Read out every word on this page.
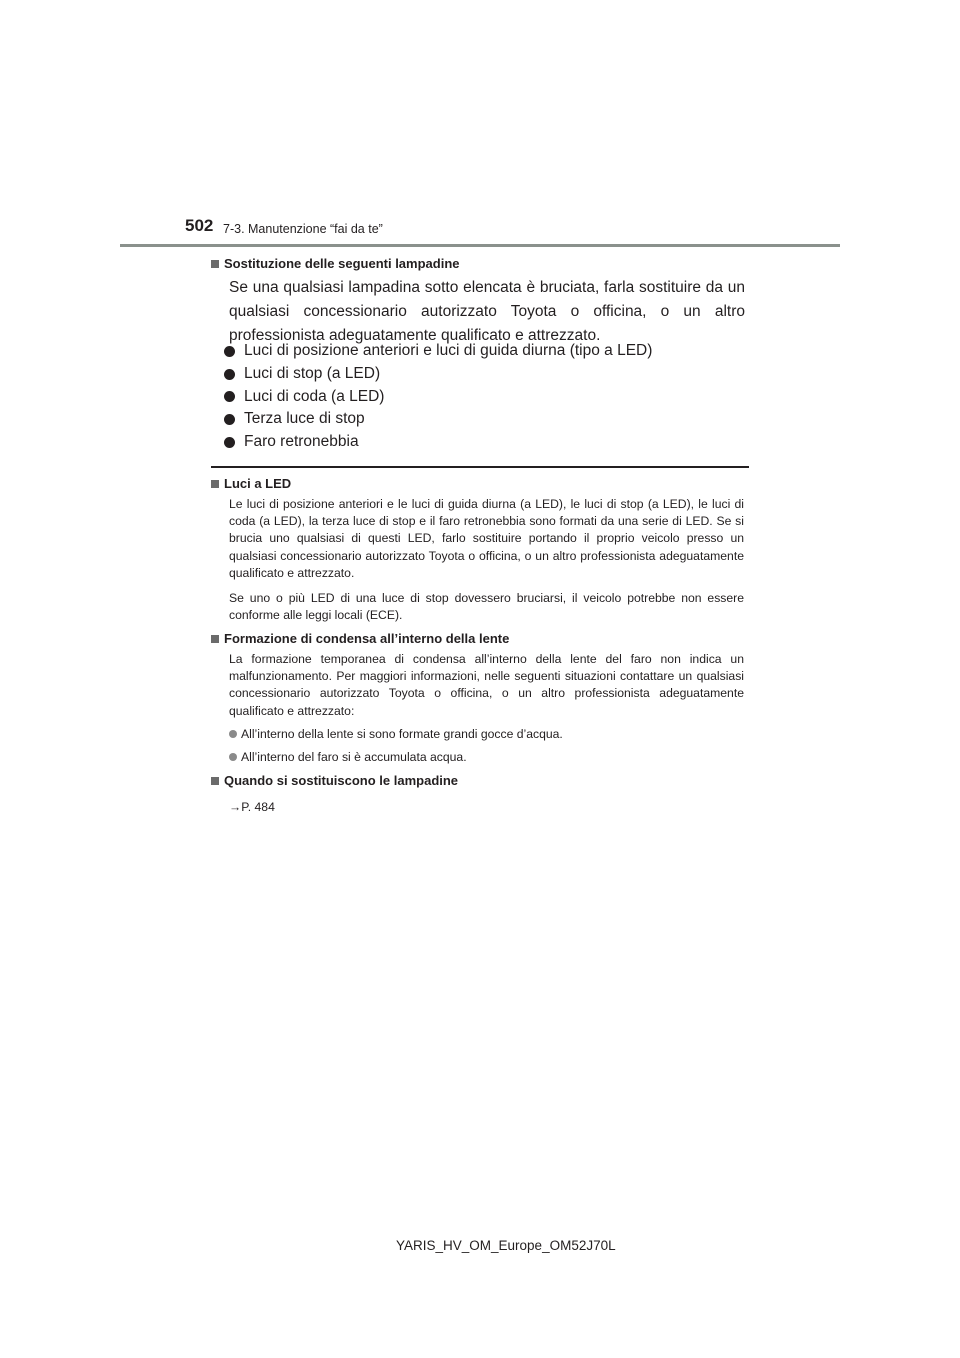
502 7-3. Manutenzione “fai da te”
Sostituzione delle seguenti lampadine

Se una qualsiasi lampadina sotto elencata è bruciata, farla sostituire da un qualsiasi concessionario autorizzato Toyota o officina, o un altro professionista adeguatamente qualificato e attrezzato.

Luci di posizione anteriori e luci di guida diurna (tipo a LED)
Luci di stop (a LED)
Luci di coda (a LED)
Terza luce di stop
Faro retronebbia
Luci a LED

Le luci di posizione anteriori e le luci di guida diurna (a LED), le luci di stop (a LED), le luci di coda (a LED), la terza luce di stop e il faro retronebbia sono formati da una serie di LED. Se si brucia uno qualsiasi di questi LED, farlo sostituire portando il proprio veicolo presso un qualsiasi concessionario autorizzato Toyota o officina, o un altro professionista adeguatamente qualificato e attrezzato.

Se uno o più LED di una luce di stop dovessero bruciarsi, il veicolo potrebbe non essere conforme alle leggi locali (ECE).

Formazione di condensa all’interno della lente

La formazione temporanea di condensa all’interno della lente del faro non indica un malfunzionamento. Per maggiori informazioni, nelle seguenti situazioni contattare un qualsiasi concessionario autorizzato Toyota o officina, o un altro professionista adeguatamente qualificato e attrezzato:

All’interno della lente si sono formate grandi gocce d’acqua.
All’interno del faro si è accumulata acqua.
Quando si sostituiscono le lampadine
→P. 484
YARIS_HV_OM_Europe_OM52J70L
